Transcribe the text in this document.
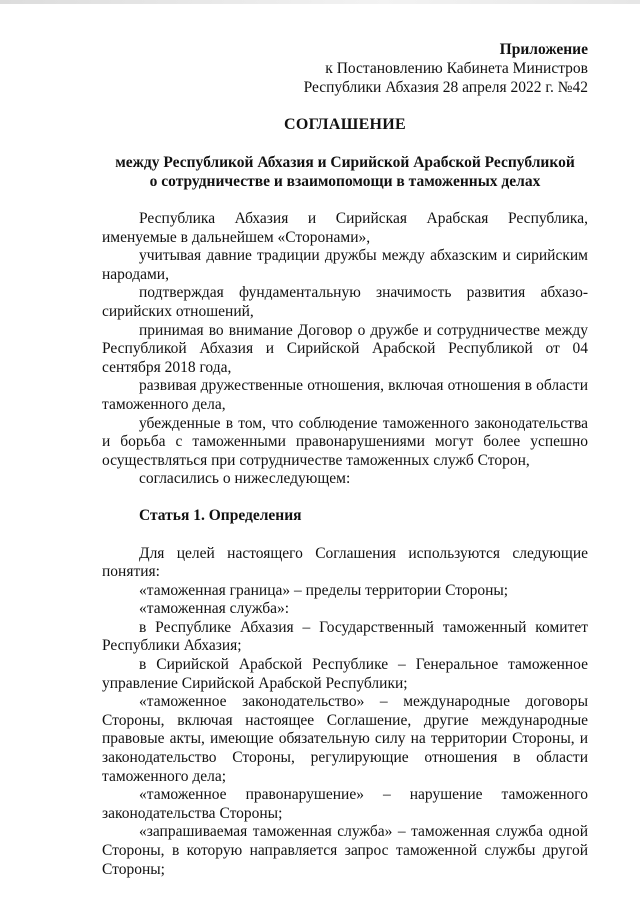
Приложение
к Постановлению Кабинета Министров
Республики Абхазия 28 апреля 2022 г. №42
СОГЛАШЕНИЕ
между Республикой Абхазия и Сирийской Арабской Республикой
о сотрудничестве и взаимопомощи в таможенных делах

Республика Абхазия и Сирийская Арабская Республика, именуемые в дальнейшем «Сторонами»,

учитывая давние традиции дружбы между абхазским и сирийским народами,

подтверждая фундаментальную значимость развития абхазо-сирийских отношений,

принимая во внимание Договор о дружбе и сотрудничестве между Республикой Абхазия и Сирийской Арабской Республикой от 04 сентября 2018 года,

развивая дружественные отношения, включая отношения в области таможенного дела,

убежденные в том, что соблюдение таможенного законодательства и борьба с таможенными правонарушениями могут более успешно осуществляться при сотрудничестве таможенных служб Сторон,

согласились о нижеследующем:

Статья 1. Определения

Для целей настоящего Соглашения используются следующие понятия:

«таможенная граница» – пределы территории Стороны;

«таможенная служба»:

в Республике Абхазия – Государственный таможенный комитет Республики Абхазия;

в Сирийской Арабской Республике – Генеральное таможенное управление Сирийской Арабской Республики;

«таможенное законодательство» – международные договоры Стороны, включая настоящее Соглашение, другие международные правовые акты, имеющие обязательную силу на территории Стороны, и законодательство Стороны, регулирующие отношения в области таможенного дела;

«таможенное правонарушение» – нарушение таможенного законодательства Стороны;

«запрашиваемая таможенная служба» – таможенная служба одной Стороны, в которую направляется запрос таможенной службы другой Стороны;
